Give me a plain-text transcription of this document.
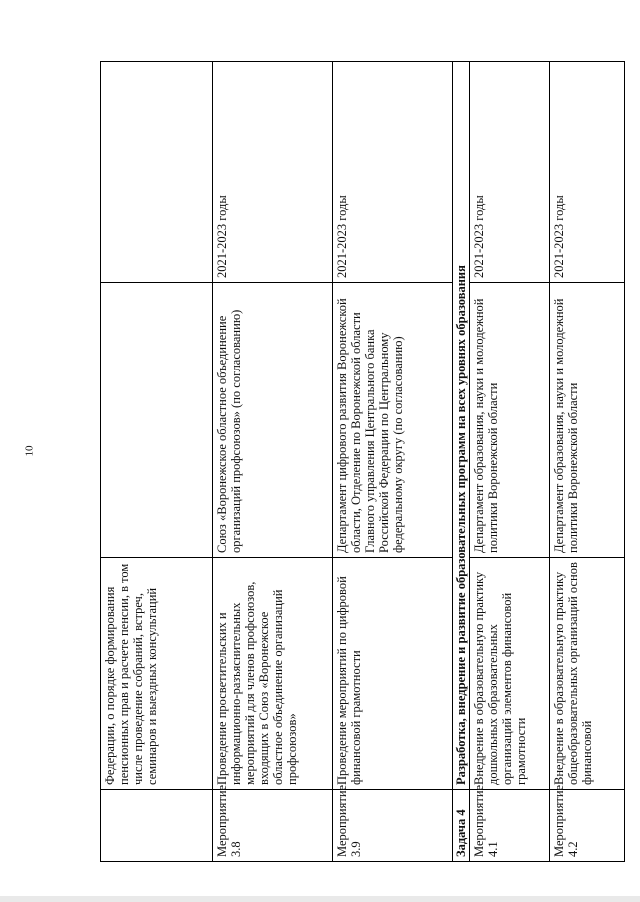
10
	Федерации, о порядке формирования пенсионных прав и расчете пенсии, в том числе проведение собраний, встреч, семинаров и выездных консультаций		
Мероприятие 3.8	Проведение просветительских и информационно-разъяснительных мероприятий для членов профсоюзов, входящих в Союз «Воронежское областное объединение организаций профсоюзов»	Союз «Воронежское областное объединение организаций профсоюзов» (по согласованию)	2021-2023 годы
Мероприятие 3.9	Проведение мероприятий по цифровой финансовой грамотности	Департамент цифрового развития Воронежской области, Отделение по Воронежской области Главного управления Центрального банка Российской Федерации по Центральному федеральному округу (по согласованию)	2021-2023 годы
Задача 4	Разработка, внедрение и развитие образовательных программ на всех уровнях образования		
Мероприятие 4.1	Внедрение в образовательную практику дошкольных образовательных организаций элементов финансовой грамотности	Департамент образования, науки и молодежной политики Воронежской области	2021-2023 годы
Мероприятие 4.2	Внедрение в образовательную практику общеобразовательных организаций основ финансовой	Департамент образования, науки и молодежной политики Воронежской области	2021-2023 годы
